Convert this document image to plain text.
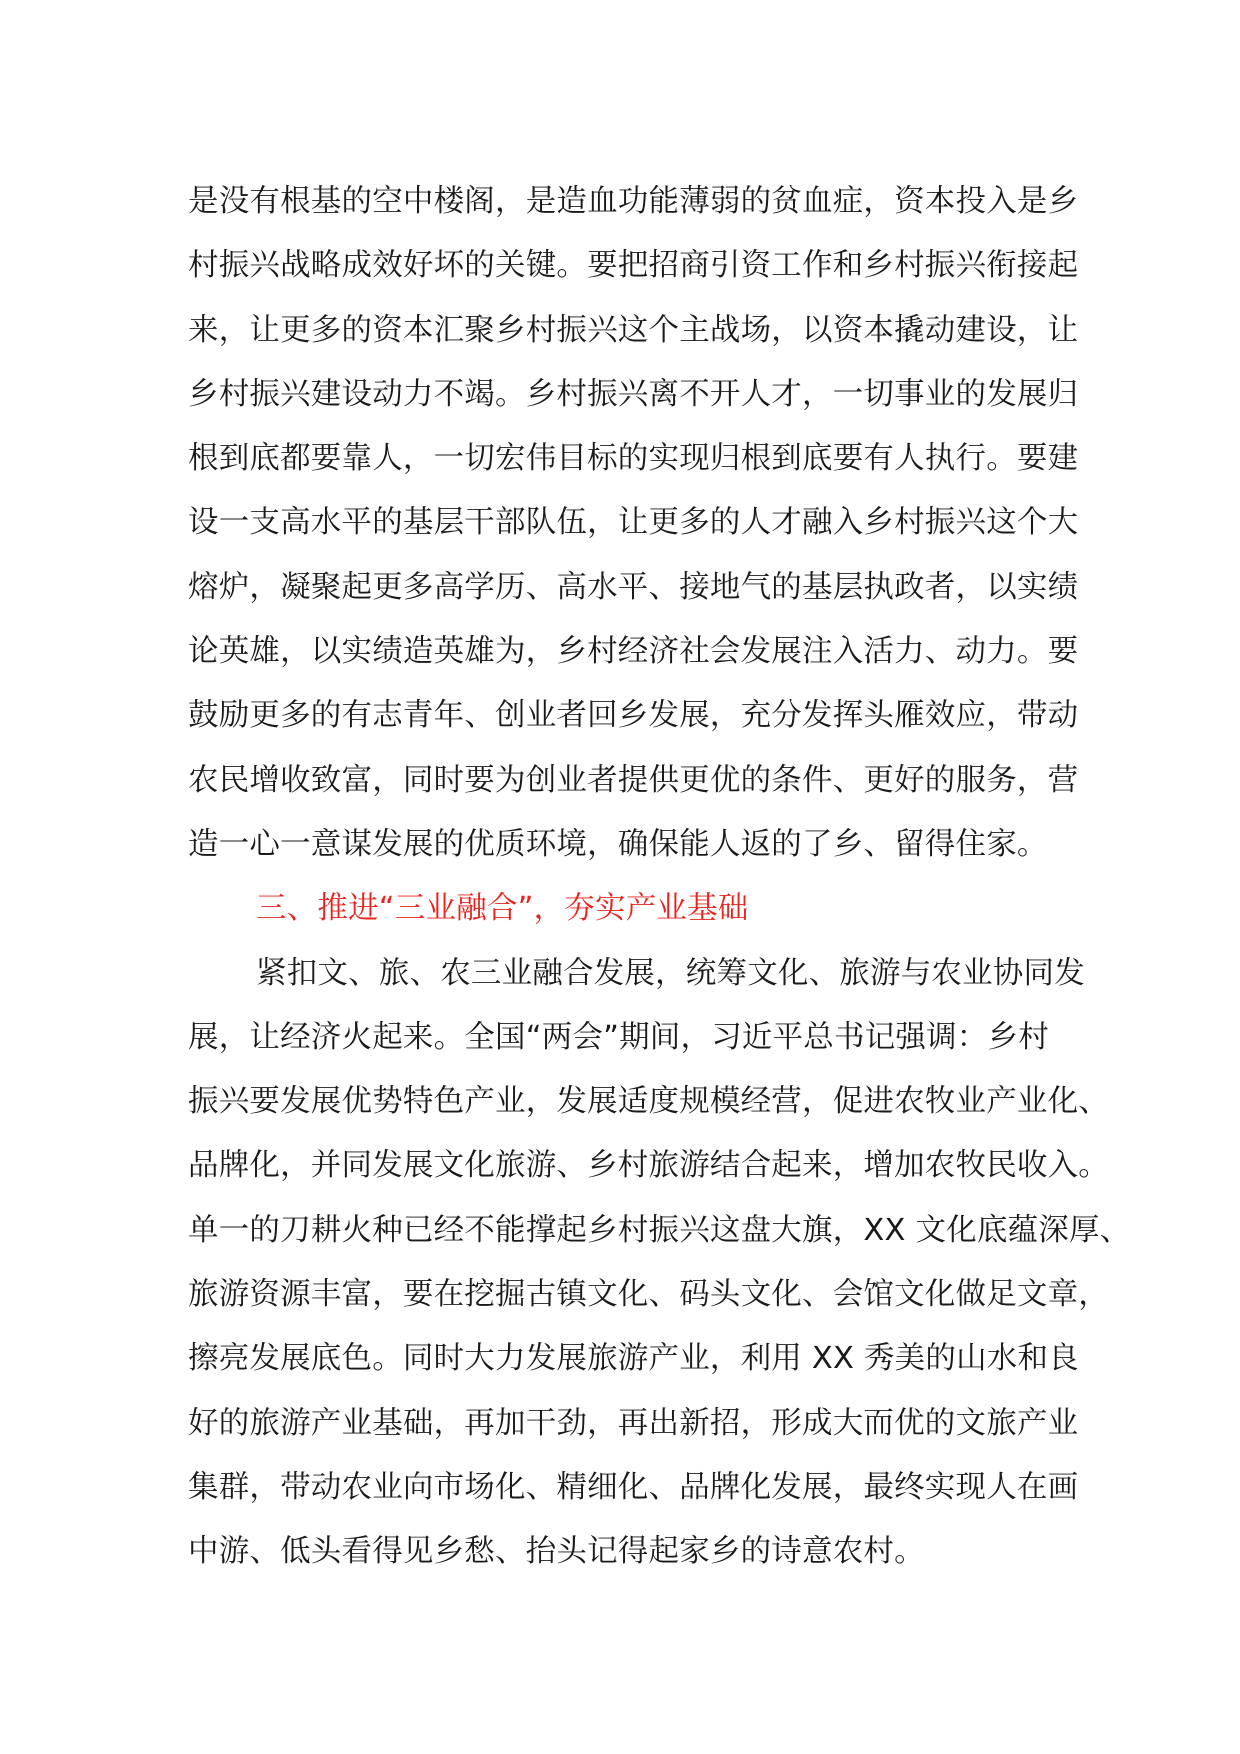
是没有根基的空中楼阁，是造血功能薄弱的贫血症，资本投入是乡
村振兴战略成效好坏的关键。要把招商引资工作和乡村振兴衔接起
来，让更多的资本汇聚乡村振兴这个主战场，以资本撬动建设，让
乡村振兴建设动力不竭。乡村振兴离不开人才，一切事业的发展归
根到底都要靠人，一切宏伟目标的实现归根到底要有人执行。要建
设一支高水平的基层干部队伍，让更多的人才融入乡村振兴这个大
熔炉，凝聚起更多高学历、高水平、接地气的基层执政者，以实绩
论英雄，以实绩造英雄为，乡村经济社会发展注入活力、动力。要
鼓励更多的有志青年、创业者回乡发展，充分发挥头雁效应，带动
农民增收致富，同时要为创业者提供更优的条件、更好的服务，营
造一心一意谋发展的优质环境，确保能人返的了乡、留得住家。
三、推进“三业融合”，夯实产业基础
紧扣文、旅、农三业融合发展，统筹文化、旅游与农业协同发
展，让经济火起来。全国“两会”期间，习近平总书记强调：乡村
振兴要发展优势特色产业，发展适度规模经营，促进农牧业产业化、
品牌化，并同发展文化旅游、乡村旅游结合起来，增加农牧民收入。
单一的刀耕火种已经不能撑起乡村振兴这盘大旗，XX 文化底蕴深厚、
旅游资源丰富，要在挖掘古镇文化、码头文化、会馆文化做足文章，
擦亮发展底色。同时大力发展旅游产业，利用 XX 秀美的山水和良
好的旅游产业基础，再加干劲，再出新招，形成大而优的文旅产业
集群，带动农业向市场化、精细化、品牌化发展，最终实现人在画
中游、低头看得见乡愁、抬头记得起家乡的诗意农村。
